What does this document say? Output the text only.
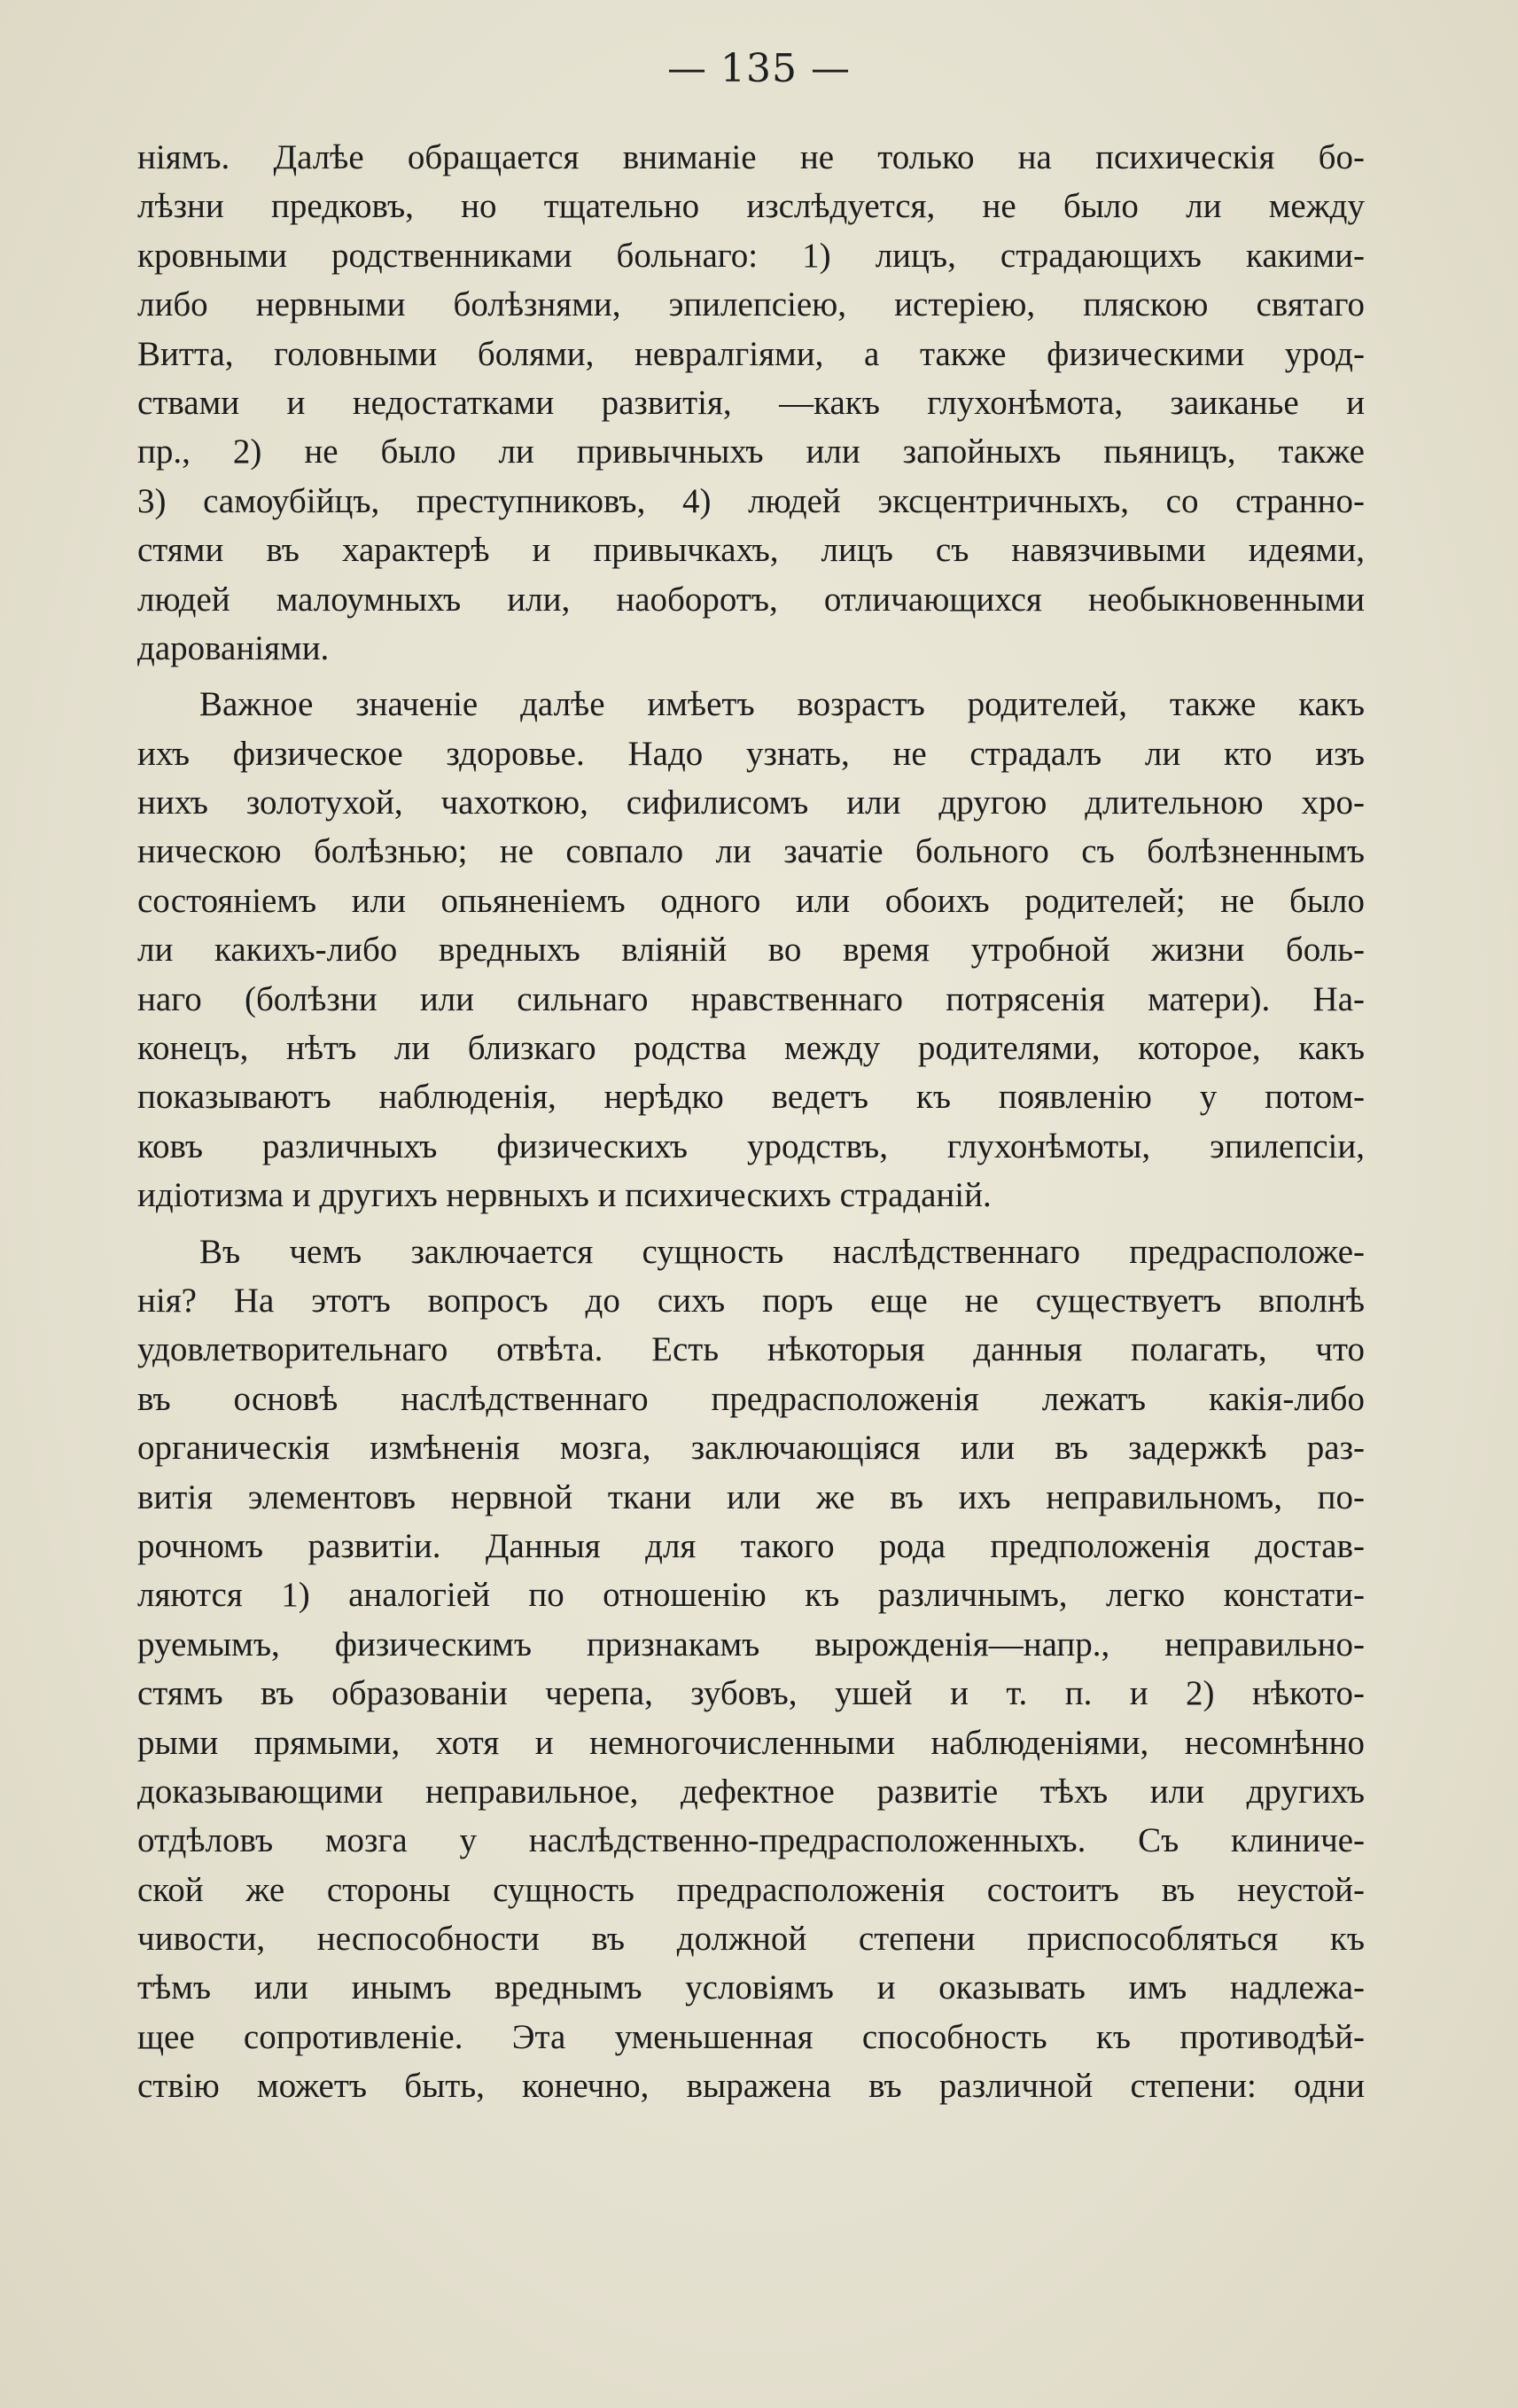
— 135 —
ніямъ. Далѣе обращается вниманіе не только на психическія бо-
лѣзни предковъ, но тщательно изслѣдуется, не было ли между
кровными родственниками больнаго: 1) лицъ, страдающихъ какими-
либо нервными болѣзнями, эпилепсіею, истеріею, пляскою святаго
Витта, головными болями, невралгіями, а также физическими урод-
ствами и недостатками развитія, —какъ глухонѣмота, заиканье и
пр., 2) не было ли привычныхъ или запойныхъ пьяницъ, также
3) самоубійцъ, преступниковъ, 4) людей эксцентричныхъ, со странно-
стями въ характерѣ и привычкахъ, лицъ съ навязчивыми идеями,
людей малоумныхъ или, наоборотъ, отличающихся необыкновенными
дарованіями.
Важное значеніе далѣе имѣетъ возрастъ родителей, также какъ
ихъ физическое здоровье. Надо узнать, не страдалъ ли кто изъ
нихъ золотухой, чахоткою, сифилисомъ или другою длительною хро-
ническою болѣзнью; не совпало ли зачатіе больного съ болѣзненнымъ
состояніемъ или опьяненіемъ одного или обоихъ родителей; не было
ли какихъ-либо вредныхъ вліяній во время утробной жизни боль-
наго (болѣзни или сильнаго нравственнаго потрясенія матери). На-
конецъ, нѣтъ ли близкаго родства между родителями, которое, какъ
показываютъ наблюденія, нерѣдко ведетъ къ появленію у потом-
ковъ различныхъ физическихъ уродствъ, глухонѣмоты, эпилепсіи,
идіотизма и другихъ нервныхъ и психическихъ страданій.
Въ чемъ заключается сущность наслѣдственнаго предрасположе-
нія? На этотъ вопросъ до сихъ поръ еще не существуетъ вполнѣ
удовлетворительнаго отвѣта. Есть нѣкоторыя данныя полагать, что
въ основѣ наслѣдственнаго предрасположенія лежатъ какія-либо
органическія измѣненія мозга, заключающіяся или въ задержкѣ раз-
витія элементовъ нервной ткани или же въ ихъ неправильномъ, по-
рочномъ развитіи. Данныя для такого рода предположенія достав-
ляются 1) аналогіей по отношенію къ различнымъ, легко констати-
руемымъ, физическимъ признакамъ вырожденія—напр., неправильно-
стямъ въ образованіи черепа, зубовъ, ушей и т. п. и 2) нѣкото-
рыми прямыми, хотя и немногочисленными наблюденіями, несомнѣнно
доказывающими неправильное, дефектное развитіе тѣхъ или другихъ
отдѣловъ мозга у наслѣдственно-предрасположенныхъ. Съ клиниче-
ской же стороны сущность предрасположенія состоитъ въ неустой-
чивости, неспособности въ должной степени приспособляться къ
тѣмъ или инымъ вреднымъ условіямъ и оказывать имъ надлежа-
щее сопротивленіе. Эта уменьшенная способность къ противодѣй-
ствію можетъ быть, конечно, выражена въ различной степени: одни
